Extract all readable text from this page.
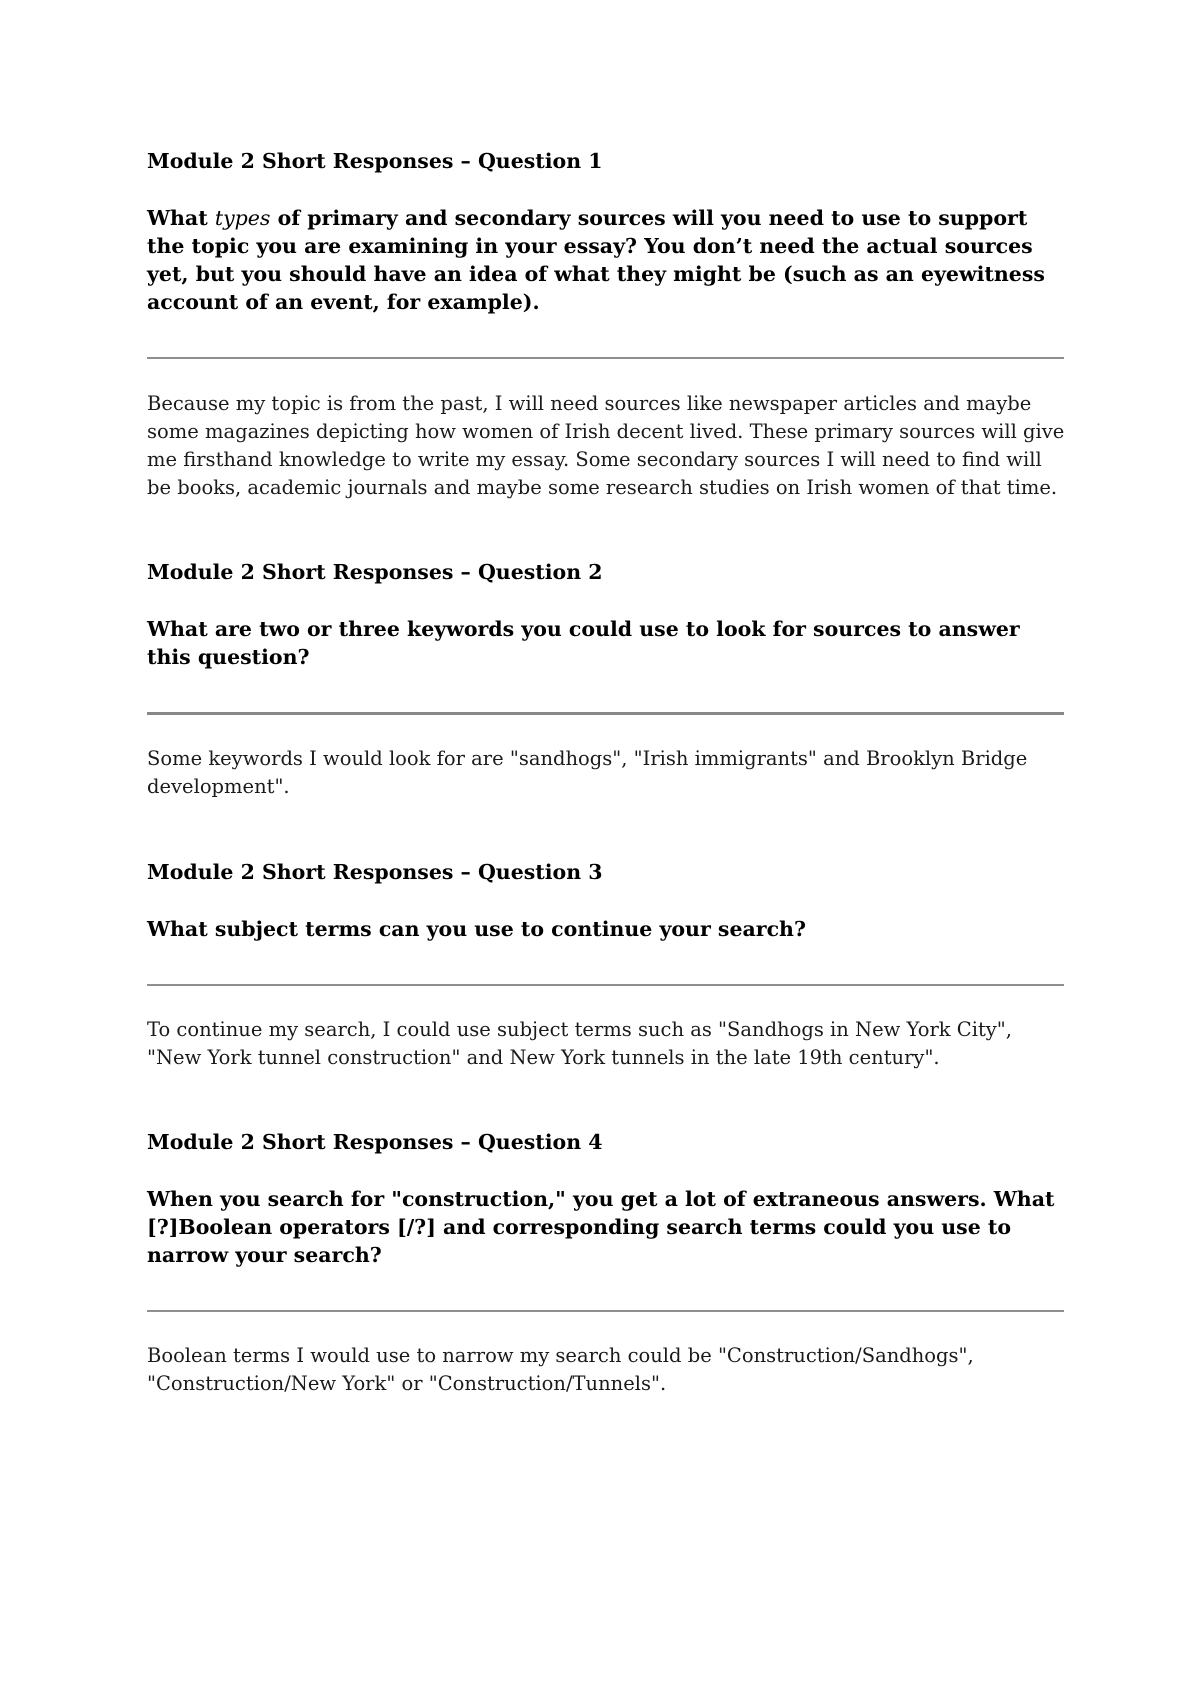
Module 2 Short Responses – Question 1

What types of primary and secondary sources will you need to use to support the topic you are examining in your essay? You don’t need the actual sources yet, but you should have an idea of what they might be (such as an eyewitness account of an event, for example).

Because my topic is from the past, I will need sources like newspaper articles and maybe some magazines depicting how women of Irish decent lived. These primary sources will give me firsthand knowledge to write my essay. Some secondary sources I will need to find will be books, academic journals and maybe some research studies on Irish women of that time.

Module 2 Short Responses – Question 2

What are two or three keywords you could use to look for sources to answer this question?

Some keywords I would look for are "sandhogs", "Irish immigrants" and Brooklyn Bridge development".

Module 2 Short Responses – Question 3

What subject terms can you use to continue your search?

To continue my search, I could use subject terms such as "Sandhogs in New York City", "New York tunnel construction" and New York tunnels in the late 19th century".

Module 2 Short Responses – Question 4

When you search for "construction," you get a lot of extraneous answers. What [?]Boolean operators [/?] and corresponding search terms could you use to narrow your search?

Boolean terms I would use to narrow my search could be "Construction/Sandhogs", "Construction/New York" or "Construction/Tunnels".
